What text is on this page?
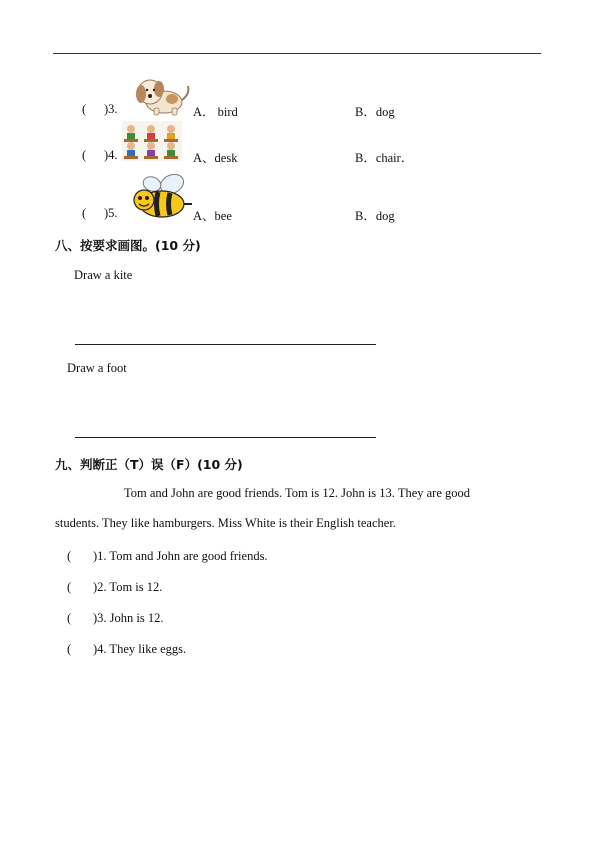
( )3.	A． bird	B．dog
( )4.	A、desk	B．chair．
( )5.	A、bee	B．dog
八、按要求画图。(10 分)
Draw a kite
Draw a foot
九、判断正（T）误（F）(10 分)
Tom and John are good friends. Tom is 12. John is 13. They are good
students. They like hamburgers. Miss White is their English teacher.
( )1. Tom and John are good friends.
( )2. Tom is 12.
( )3. John is 12.
( )4. They like eggs.
